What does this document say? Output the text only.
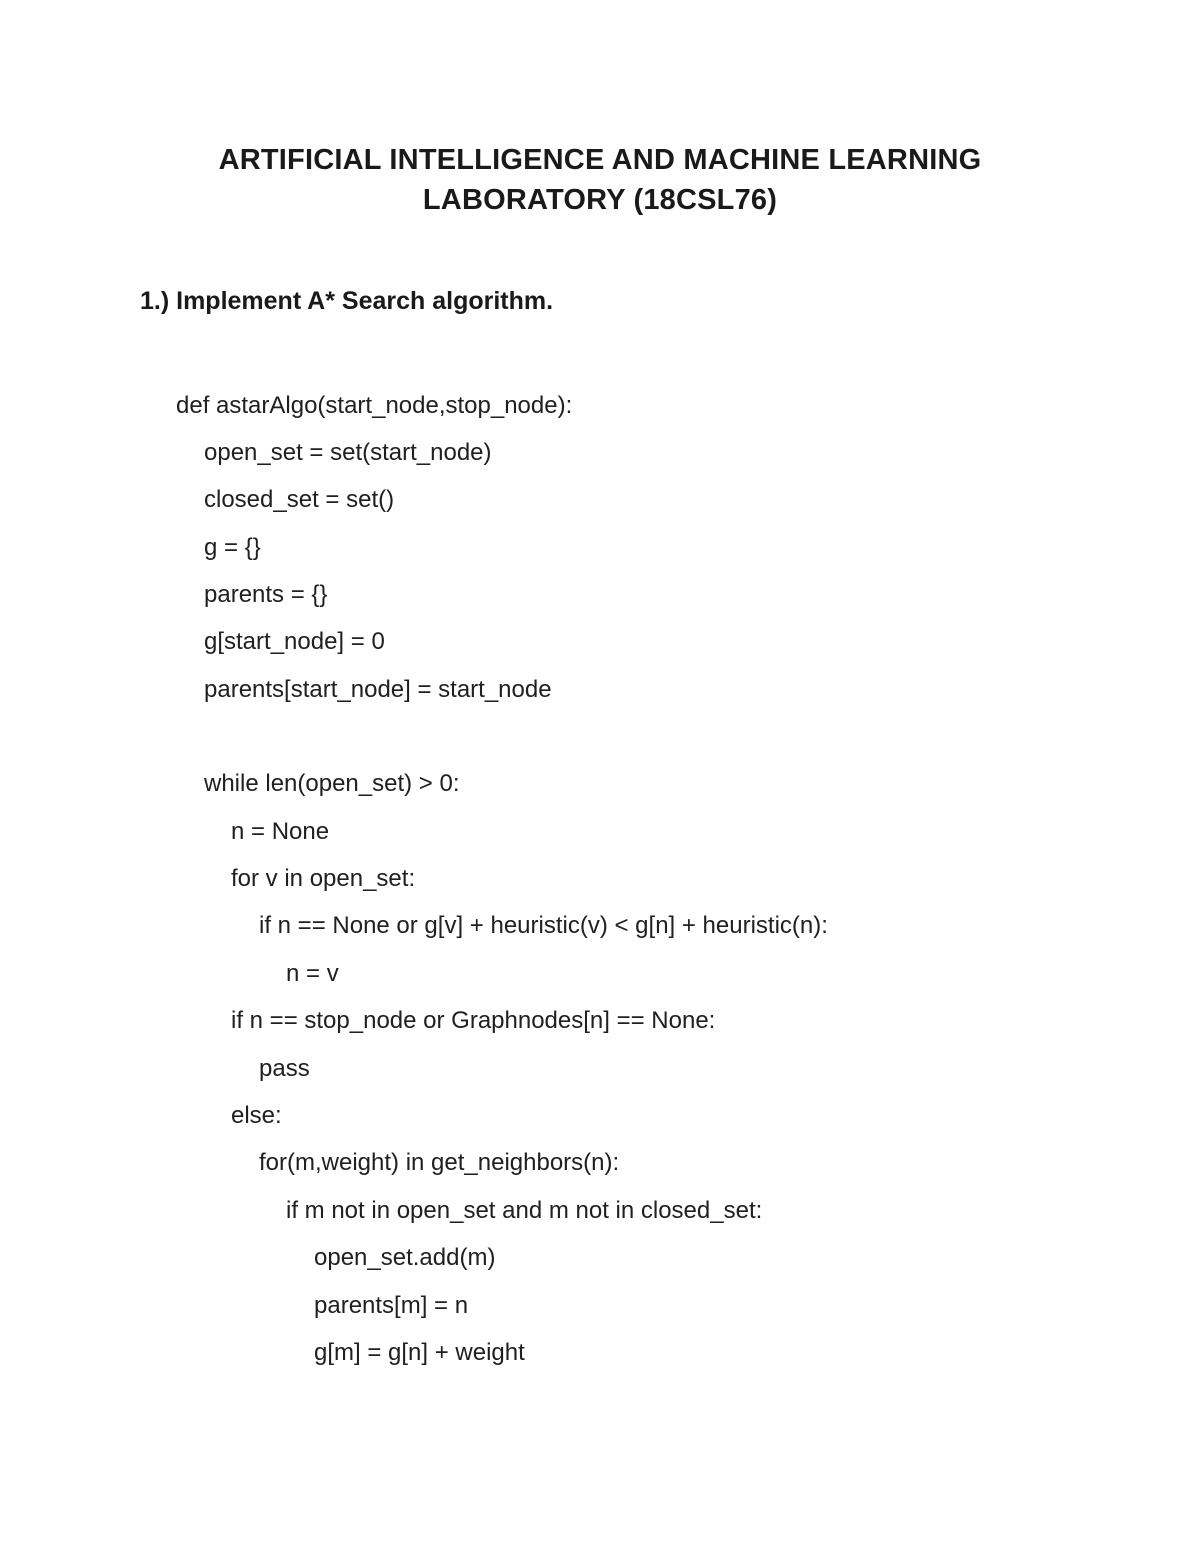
ARTIFICIAL INTELLIGENCE AND MACHINE LEARNING
LABORATORY (18CSL76)
1.) Implement A* Search algorithm.
def astarAlgo(start_node,stop_node):
open_set = set(start_node)
closed_set = set()
g = {}
parents = {}
g[start_node] = 0
parents[start_node] = start_node
while len(open_set) > 0:
n = None
for v in open_set:
if n == None or g[v] + heuristic(v) < g[n] + heuristic(n):
n = v
if n == stop_node or Graphnodes[n] == None:
pass
else:
for(m,weight) in get_neighbors(n):
if m not in open_set and m not in closed_set:
open_set.add(m)
parents[m] = n
g[m] = g[n] + weight
